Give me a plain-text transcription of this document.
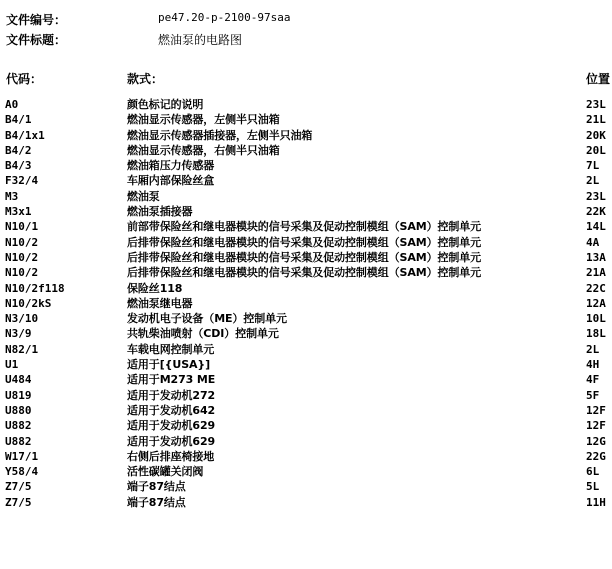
文件编号：	pe47.20-p-2100-97saa
文件标题：	燃油泵的电路图
代码：	款式：	位置
A0	颜色标记的说明	23L
B4/1	燃油显示传感器，左侧半只油箱	21L
B4/1x1	燃油显示传感器插接器，左侧半只油箱	20K
B4/2	燃油显示传感器，右侧半只油箱	20L
B4/3	燃油箱压力传感器	7L
F32/4	车厢内部保险丝盒	2L
M3	燃油泵	23L
M3x1	燃油泵插接器	22K
N10/1	前部带保险丝和继电器模块的信号采集及促动控制模组（SAM）控制单元	14L
N10/2	后排带保险丝和继电器模块的信号采集及促动控制模组（SAM）控制单元	4A
N10/2	后排带保险丝和继电器模块的信号采集及促动控制模组（SAM）控制单元	13A
N10/2	后排带保险丝和继电器模块的信号采集及促动控制模组（SAM）控制单元	21A
N10/2f118	保险丝118	22C
N10/2kS	燃油泵继电器	12A
N3/10	发动机电子设备（ME）控制单元	10L
N3/9	共轨柴油喷射（CDI）控制单元	18L
N82/1	车载电网控制单元	2L
U1	适用于[{USA}]	4H
U484	适用于M273 ME	4F
U819	适用于发动机272	5F
U880	适用于发动机642	12F
U882	适用于发动机629	12F
U882	适用于发动机629	12G
W17/1	右侧后排座椅接地	22G
Y58/4	活性碳罐关闭阀	6L
Z7/5	端子87结点	5L
Z7/5	端子87结点	11H
